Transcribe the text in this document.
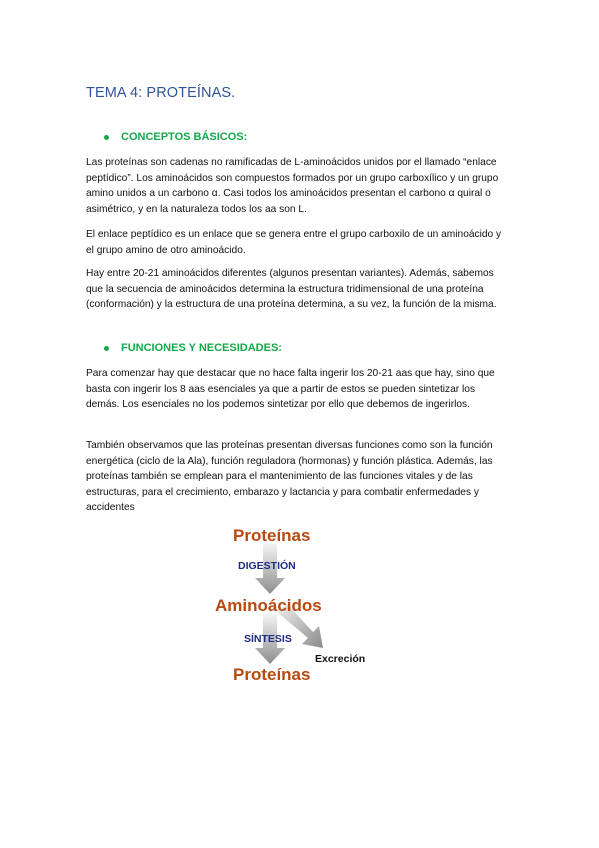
TEMA 4: PROTEÍNAS.
CONCEPTOS BÁSICOS:

Las proteínas son cadenas no ramificadas de L-aminoácidos unidos por el llamado “enlace peptídico”. Los aminoácidos son compuestos formados por un grupo carboxílico y un grupo amino unidos a un carbono α. Casi todos los aminoácidos presentan el carbono α quiral o asimétrico, y en la naturaleza todos los aa son L.

El enlace peptídico es un enlace que se genera entre el grupo carboxilo de un aminoácido y el grupo amino de otro aminoácido.

Hay entre 20-21 aminoácidos diferentes (algunos presentan variantes). Además, sabemos que la secuencia de aminoácidos determina la estructura tridimensional de una proteína (conformación) y la estructura de una proteína determina, a su vez, la función de la misma.

FUNCIONES Y NECESIDADES:

Para comenzar hay que destacar que no hace falta ingerir los 20-21 aas que hay, sino que basta con ingerir los 8 aas esenciales ya que a partir de estos se pueden sintetizar los demás. Los esenciales no los podemos sintetizar por ello que debemos de ingerirlos.

También observamos que las proteínas presentan diversas funciones como son la función energética (ciclo de la Ala), función reguladora (hormonas) y función plástica. Además, las proteínas también se emplean para el mantenimiento de las funciones vitales y de las estructuras, para el crecimiento, embarazo y lactancia y para combatir enfermedades y accidentes

Proteínas
DIGESTIÓN
Aminoácidos
SÍNTESIS
Excreción
Proteínas
